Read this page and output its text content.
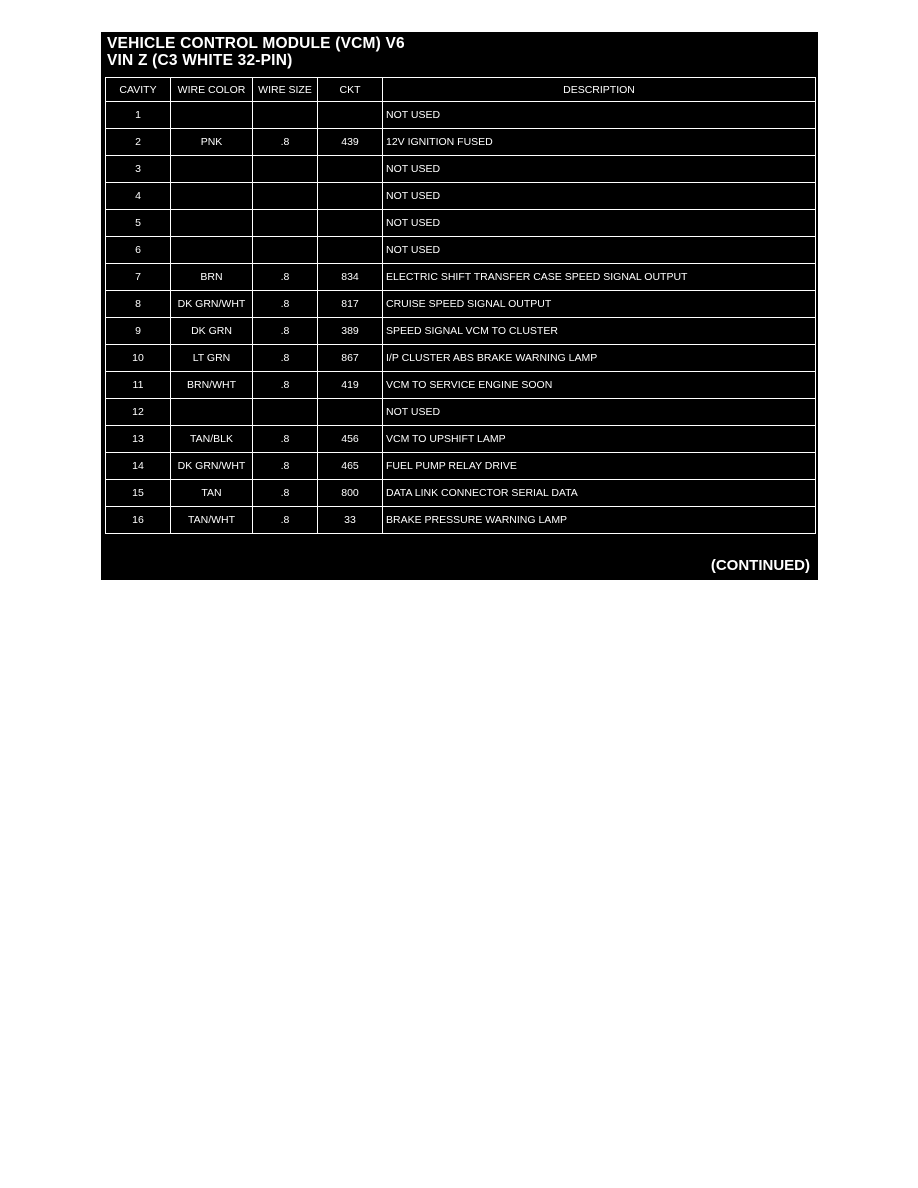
VEHICLE CONTROL MODULE (VCM) V6
VIN Z (C3 WHITE 32-PIN)
CAVITY	WIRE COLOR	WIRE SIZE	CKT	DESCRIPTION
1				NOT USED
2	PNK	.8	439	12V IGNITION FUSED
3				NOT USED
4				NOT USED
5				NOT USED
6				NOT USED
7	BRN	.8	834	ELECTRIC SHIFT TRANSFER CASE SPEED SIGNAL OUTPUT
8	DK GRN/WHT	.8	817	CRUISE SPEED SIGNAL OUTPUT
9	DK GRN	.8	389	SPEED SIGNAL VCM TO CLUSTER
10	LT GRN	.8	867	I/P CLUSTER ABS BRAKE WARNING LAMP
11	BRN/WHT	.8	419	VCM TO SERVICE ENGINE SOON
12				NOT USED
13	TAN/BLK	.8	456	VCM TO UPSHIFT LAMP
14	DK GRN/WHT	.8	465	FUEL PUMP RELAY DRIVE
15	TAN	.8	800	DATA LINK CONNECTOR SERIAL DATA
16	TAN/WHT	.8	33	BRAKE PRESSURE WARNING LAMP
(CONTINUED)
